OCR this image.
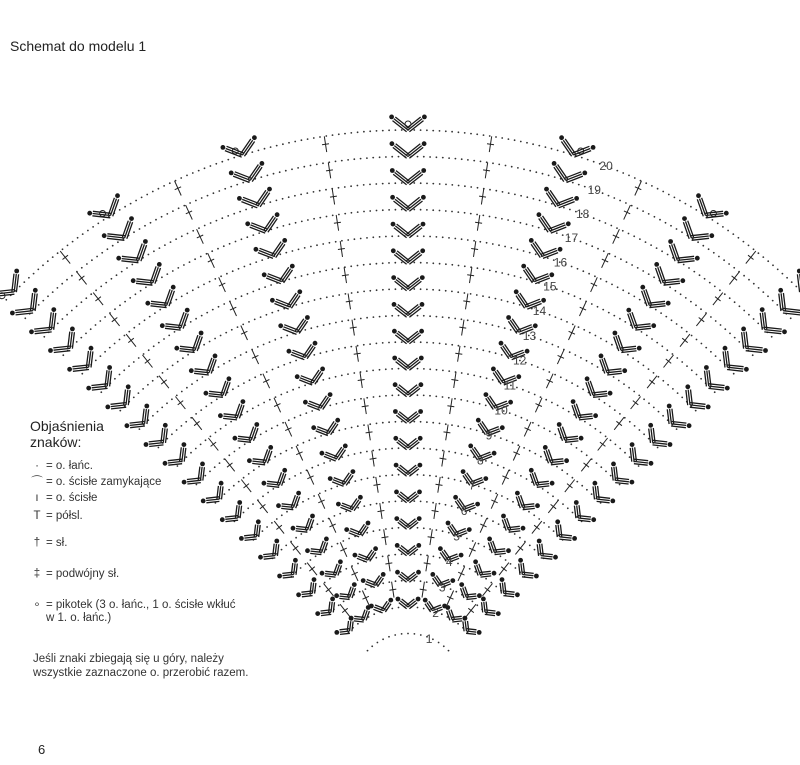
1
2
3
4
5
6
7
8
9
10
11
12
13
14
15
16
17
18
19
20
Schemat do modelu 1
Objaśnienia
znaków:
· = o. łańc.
⌒ = o. ścisłe zamykające
ı = o. ścisłe
T = półsl.
† = sł.
‡ = podwójny sł.
∘ = pikotek (3 o. łańc., 1 o. ścisłe wkłuć w 1. o. łańc.)
Jeśli znaki zbiegają się u góry, należy wszystkie zaznaczone o. przerobić razem.
6
